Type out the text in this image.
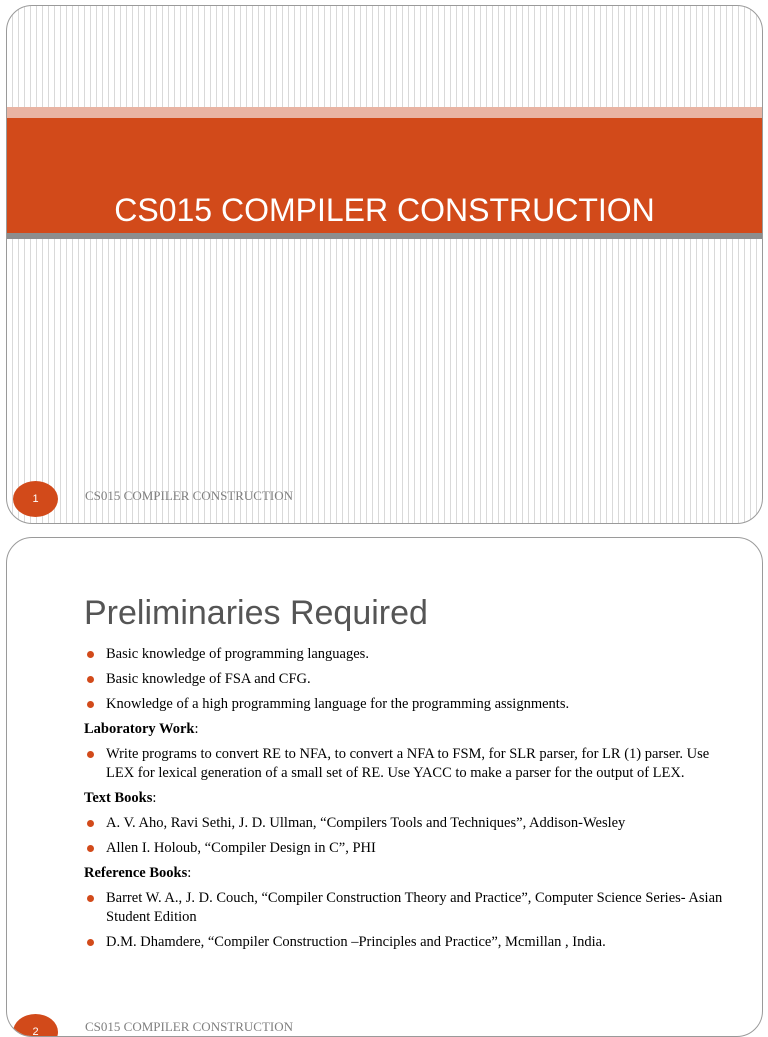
CS015 COMPILER CONSTRUCTION
1	CS015 COMPILER CONSTRUCTION
Preliminaries Required
Basic knowledge of programming languages.
Basic knowledge of FSA and CFG.
Knowledge of a high programming language for the programming assignments.
Laboratory Work:
Write programs to convert RE to NFA, to convert a NFA to FSM, for SLR parser, for LR (1) parser. Use LEX for lexical generation of a small set of RE. Use YACC to make a parser for the output of LEX.
Text Books:
A. V. Aho, Ravi Sethi, J. D. Ullman, “Compilers Tools and Techniques”, Addison-Wesley
Allen I. Holoub, “Compiler Design in C”, PHI
Reference Books:
Barret W. A., J. D. Couch, “Compiler Construction Theory and Practice”, Computer Science Series- Asian Student Edition
D.M. Dhamdere, “Compiler Construction –Principles and Practice”, Mcmillan , India.
2	CS015 COMPILER CONSTRUCTION
